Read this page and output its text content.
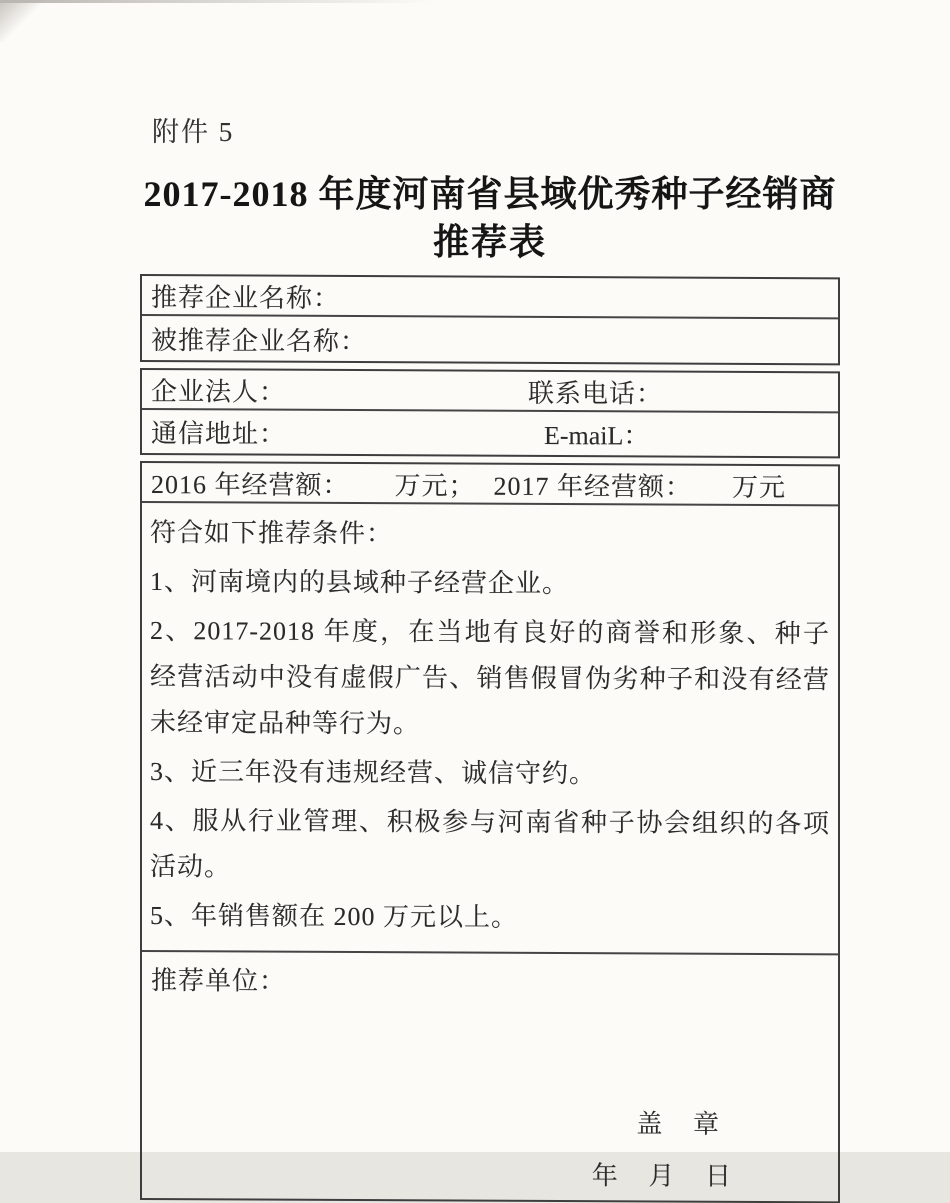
附件 5
2017-2018 年度河南省县域优秀种子经销商
推荐表
推荐企业名称：
被推荐企业名称：
企业法人：	联系电话：
通信地址：	E-maiL：
2016 年经营额： 万元； 2017 年经营额： 万元
符合如下推荐条件：

1、河南境内的县域种子经营企业。

2、2017-2018 年度，在当地有良好的商誉和形象、种子经营活动中没有虚假广告、销售假冒伪劣种子和没有经营未经审定品种等行为。

3、近三年没有违规经营、诚信守约。

4、服从行业管理、积极参与河南省种子协会组织的各项活动。

5、年销售额在 200 万元以上。

推荐单位：
盖 章
年 月 日
